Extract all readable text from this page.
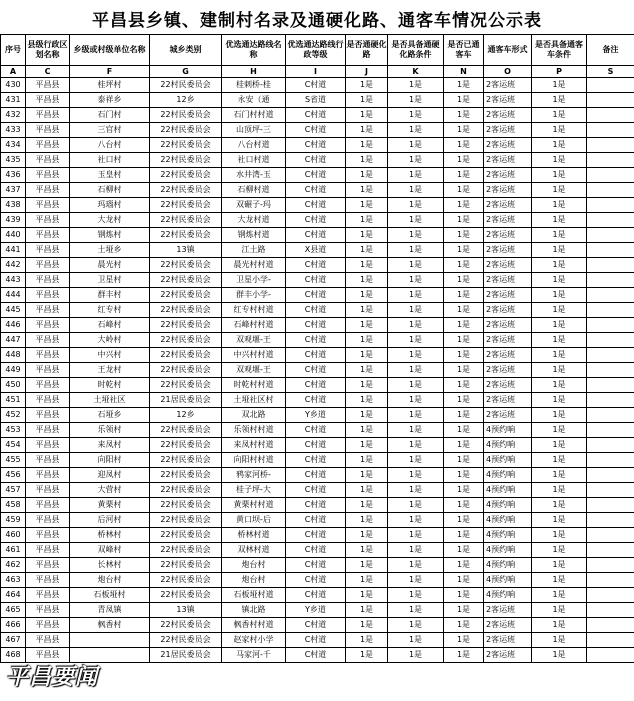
平昌县乡镇、建制村名录及通硬化路、通客车情况公示表
序号	县级行政区划名称	乡级或村级单位名称	城乡类别	优选通达路线名称	优选通达路线行政等级	是否通硬化路	是否具备通硬化路条件	是否已通客车	通客车形式	是否具备通客车条件	备注
A	C	F	G	H	I	J	K	N	O	P	S
430	平昌县	桂坪村	22村民委员会	桂刺桥-桂	C村道	1是	1是	1是	2客运班	1是	
431	平昌县	泰祥乡	12乡	永安（通	S省道	1是	1是	1是	2客运班	1是	
432	平昌县	石门村	22村民委员会	石门村村道	C村道	1是	1是	1是	2客运班	1是	
433	平昌县	三官村	22村民委员会	山顶坪-三	C村道	1是	1是	1是	2客运班	1是	
434	平昌县	八台村	22村民委员会	八台村道	C村道	1是	1是	1是	2客运班	1是	
435	平昌县	社口村	22村民委员会	社口村道	C村道	1是	1是	1是	2客运班	1是	
436	平昌县	玉皇村	22村民委员会	水井湾-玉	C村道	1是	1是	1是	2客运班	1是	
437	平昌县	石柳村	22村民委员会	石柳村道	C村道	1是	1是	1是	2客运班	1是	
438	平昌县	玛瑙村	22村民委员会	双碾子-玛	C村道	1是	1是	1是	2客运班	1是	
439	平昌县	大龙村	22村民委员会	大龙村道	C村道	1是	1是	1是	2客运班	1是	
440	平昌县	钢炼村	22村民委员会	钢炼村道	C村道	1是	1是	1是	2客运班	1是	
441	平昌县	土垭乡	13镇	江土路	X县道	1是	1是	1是	2客运班	1是	
442	平昌县	晨光村	22村民委员会	晨光村村道	C村道	1是	1是	1是	2客运班	1是	
443	平昌县	卫星村	22村民委员会	卫星小学-	C村道	1是	1是	1是	2客运班	1是	
444	平昌县	群丰村	22村民委员会	群丰小学-	C村道	1是	1是	1是	2客运班	1是	
445	平昌县	红专村	22村民委员会	红专村村道	C村道	1是	1是	1是	2客运班	1是	
446	平昌县	石峰村	22村民委员会	石峰村村道	C村道	1是	1是	1是	2客运班	1是	
447	平昌县	大岭村	22村民委员会	双观堰-王	C村道	1是	1是	1是	2客运班	1是	
448	平昌县	中兴村	22村民委员会	中兴村村道	C村道	1是	1是	1是	2客运班	1是	
449	平昌县	王龙村	22村民委员会	双观堰-王	C村道	1是	1是	1是	2客运班	1是	
450	平昌县	时乾村	22村民委员会	时乾村村道	C村道	1是	1是	1是	2客运班	1是	
451	平昌县	土垭社区	21居民委员会	土垭社区村	C村道	1是	1是	1是	2客运班	1是	
452	平昌县	石垭乡	12乡	双北路	Y乡道	1是	1是	1是	2客运班	1是	
453	平昌县	乐领村	22村民委员会	乐领村村道	C村道	1是	1是	1是	4预约响	1是	
454	平昌县	来凤村	22村民委员会	来凤村村道	C村道	1是	1是	1是	4预约响	1是	
455	平昌县	向阳村	22村民委员会	向阳村村道	C村道	1是	1是	1是	4预约响	1是	
456	平昌县	迎凤村	22村民委员会	鸦家河桥-	C村道	1是	1是	1是	4预约响	1是	
457	平昌县	大营村	22村民委员会	桂子坪-大	C村道	1是	1是	1是	4预约响	1是	
458	平昌县	黄栗村	22村民委员会	黄栗村村道	C村道	1是	1是	1是	4预约响	1是	
459	平昌县	后河村	22村民委员会	黄口坝-后	C村道	1是	1是	1是	4预约响	1是	
460	平昌县	桥林村	22村民委员会	桥林村道	C村道	1是	1是	1是	4预约响	1是	
461	平昌县	双峰村	22村民委员会	双林村道	C村道	1是	1是	1是	4预约响	1是	
462	平昌县	长林村	22村民委员会	炮台村	C村道	1是	1是	1是	4预约响	1是	
463	平昌县	炮台村	22村民委员会	炮台村	C村道	1是	1是	1是	4预约响	1是	
464	平昌县	石板垭村	22村民委员会	石板垭村道	C村道	1是	1是	1是	4预约响	1是	
465	平昌县	青凤镇	13镇	镇北路	Y乡道	1是	1是	1是	2客运班	1是	
466	平昌县	枫香村	22村民委员会	枫香村村道	C村道	1是	1是	1是	2客运班	1是	
467	平昌县		22村民委员会	赵家村小学	C村道	1是	1是	1是	2客运班	1是	
468	平昌县		21居民委员会	马家河-千	C村道	1是	1是	1是	2客运班	1是	
平昌要闻
